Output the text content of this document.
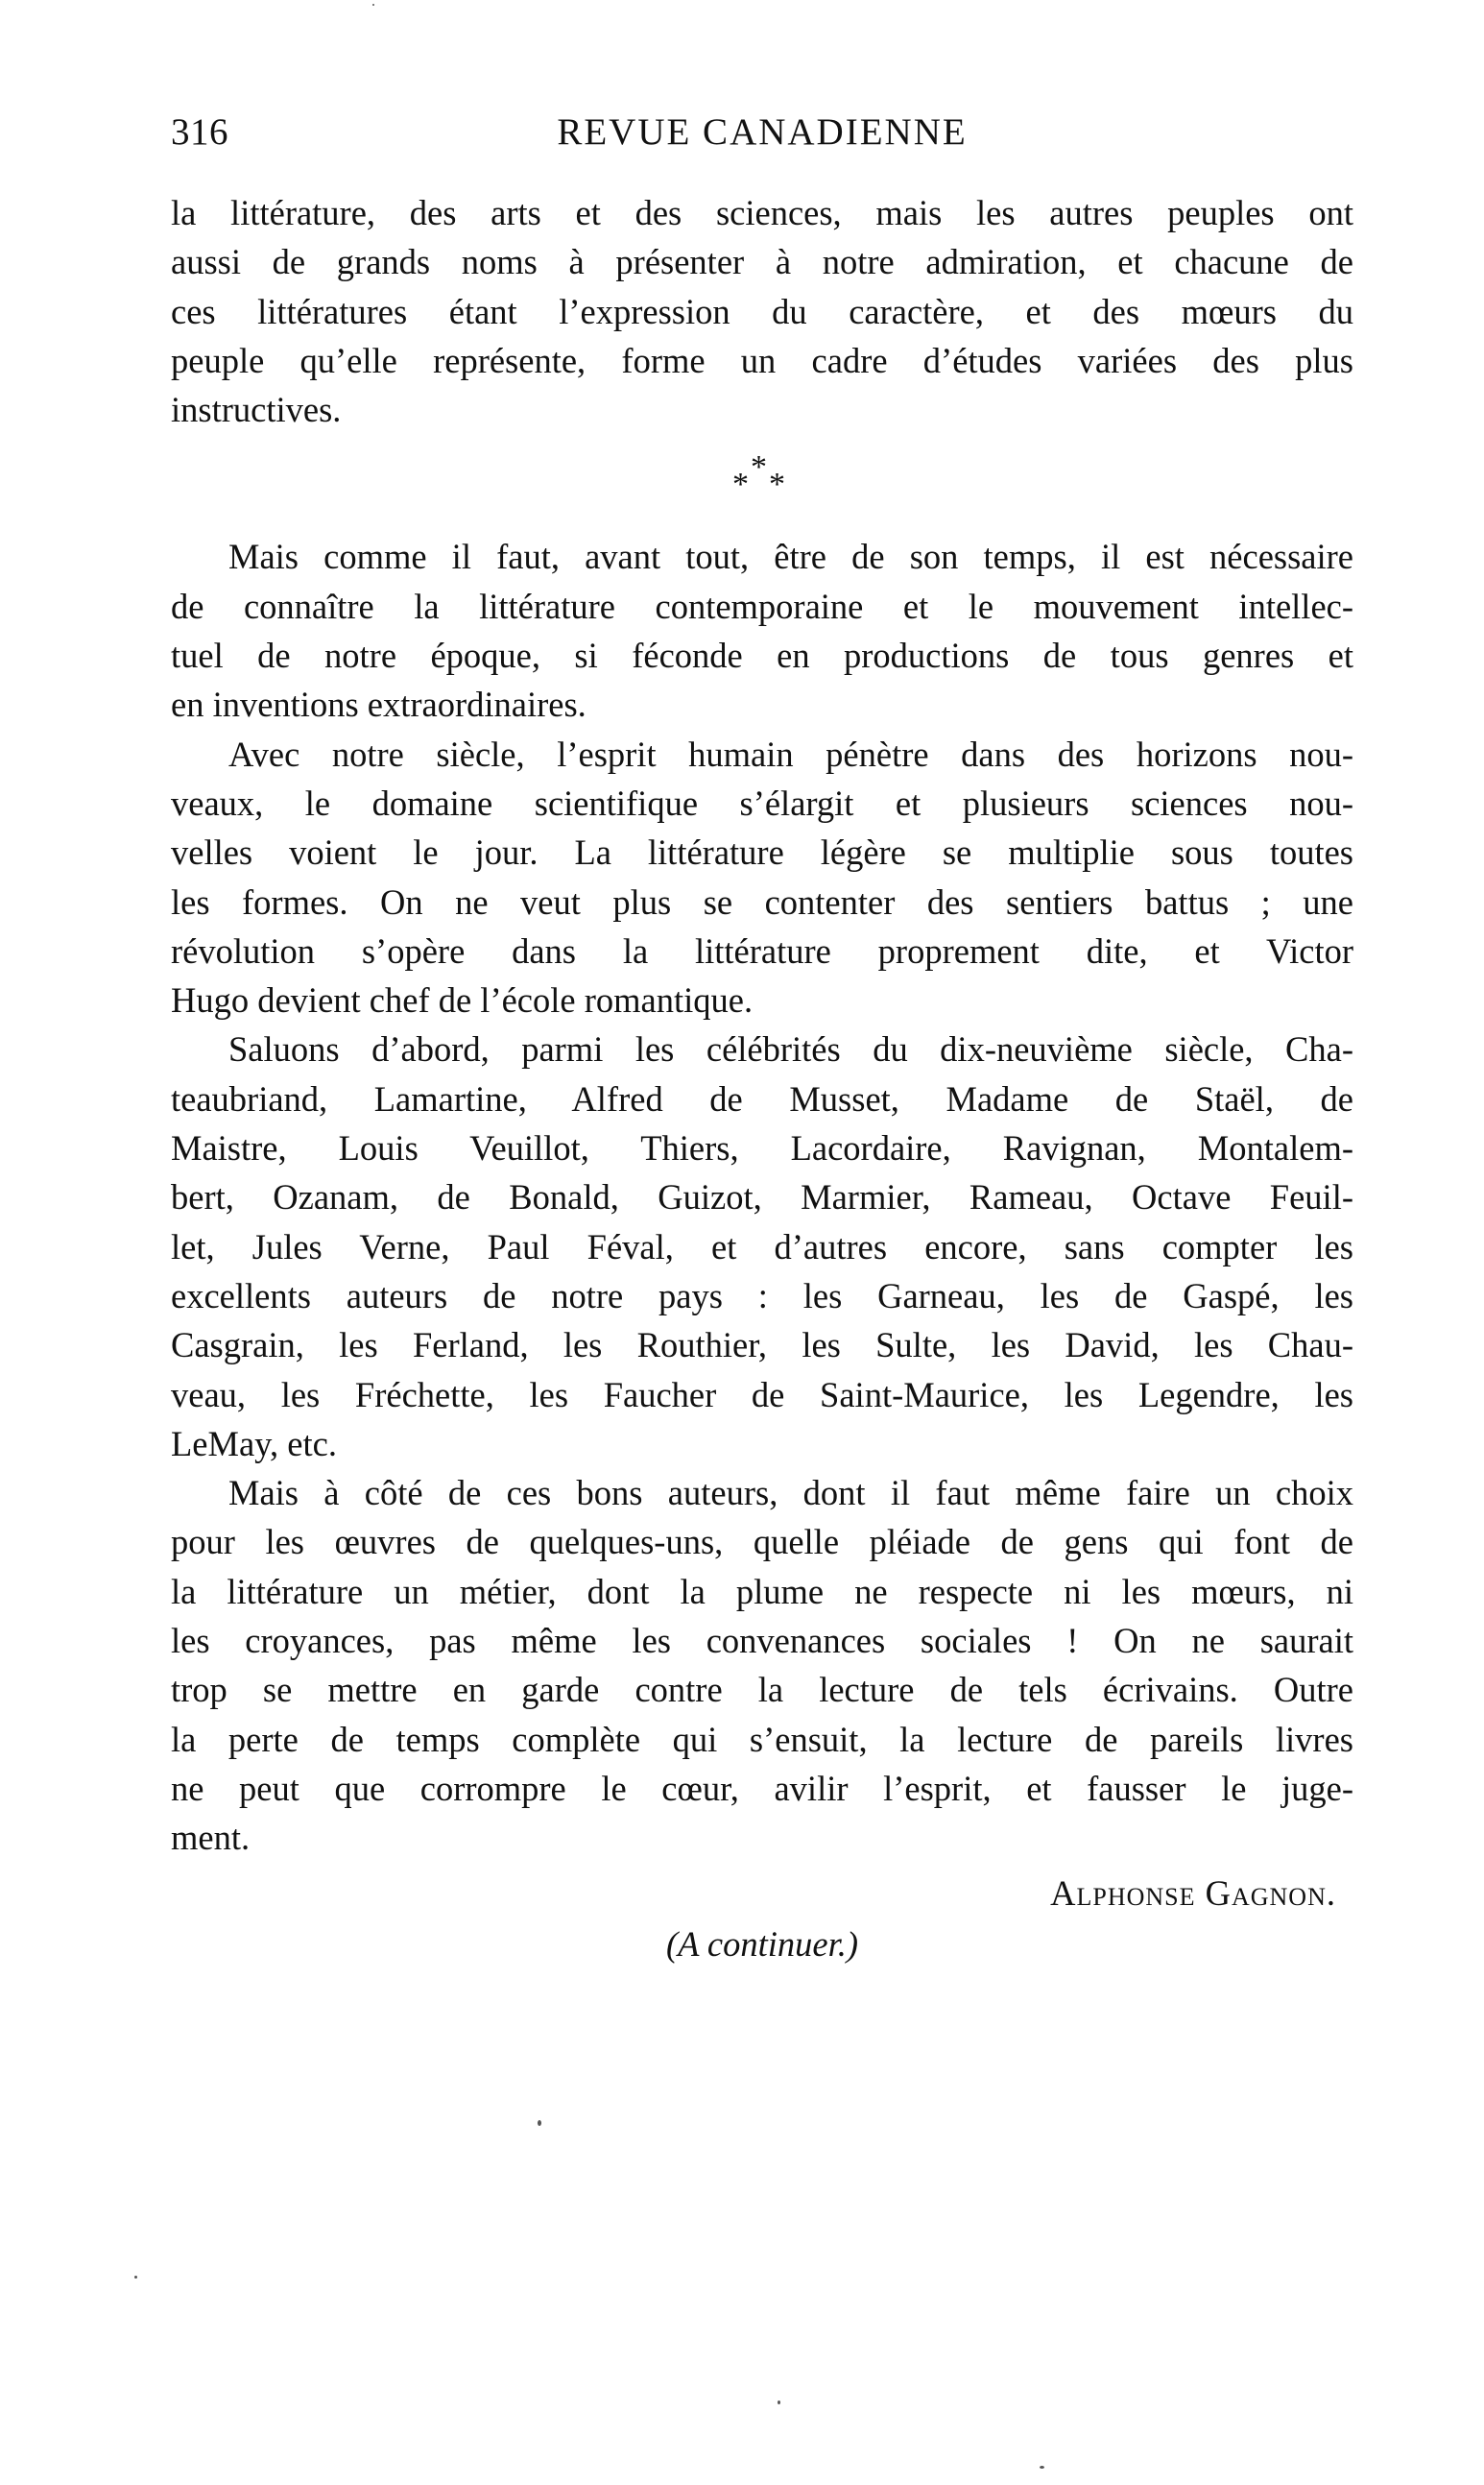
316	REVUE CANADIENNE
la littérature, des arts et des sciences, mais les autres peuples ont
aussi de grands noms à présenter à notre admiration, et chacune de
ces littératures étant l’expression du caractère, et des mœurs du
peuple qu’elle représente, forme un cadre d’études variées des plus
instructives.
*
* *
Mais comme il faut, avant tout, être de son temps, il est nécessaire
de connaître la littérature contemporaine et le mouvement intellec-
tuel de notre époque, si féconde en productions de tous genres et
en inventions extraordinaires.
Avec notre siècle, l’esprit humain pénètre dans des horizons nou-
veaux, le domaine scientifique s’élargit et plusieurs sciences nou-
velles voient le jour. La littérature légère se multiplie sous toutes
les formes. On ne veut plus se contenter des sentiers battus ; une
révolution s’opère dans la littérature proprement dite, et Victor
Hugo devient chef de l’école romantique.
Saluons d’abord, parmi les célébrités du dix-neuvième siècle, Cha-
teaubriand, Lamartine, Alfred de Musset, Madame de Staël, de
Maistre, Louis Veuillot, Thiers, Lacordaire, Ravignan, Montalem-
bert, Ozanam, de Bonald, Guizot, Marmier, Rameau, Octave Feuil-
let, Jules Verne, Paul Féval, et d’autres encore, sans compter les
excellents auteurs de notre pays : les Garneau, les de Gaspé, les
Casgrain, les Ferland, les Routhier, les Sulte, les David, les Chau-
veau, les Fréchette, les Faucher de Saint-Maurice, les Legendre, les
LeMay, etc.
Mais à côté de ces bons auteurs, dont il faut même faire un choix
pour les œuvres de quelques-uns, quelle pléiade de gens qui font de
la littérature un métier, dont la plume ne respecte ni les mœurs, ni
les croyances, pas même les convenances sociales ! On ne saurait
trop se mettre en garde contre la lecture de tels écrivains. Outre
la perte de temps complète qui s’ensuit, la lecture de pareils livres
ne peut que corrompre le cœur, avilir l’esprit, et fausser le juge-
ment.
Alphonse Gagnon.
(A continuer.)
